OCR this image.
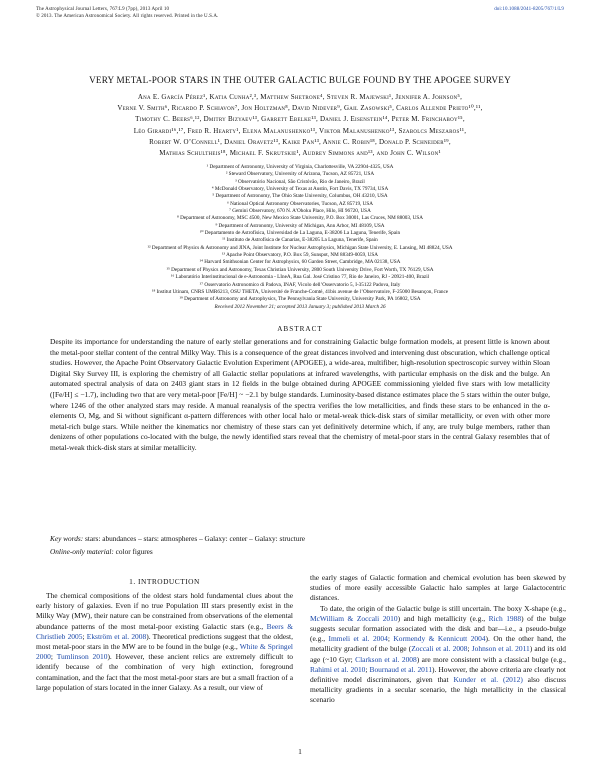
The Astrophysical Journal Letters, 767:L9 (7pp), 2013 April 10
© 2013. The American Astronomical Society. All rights reserved. Printed in the U.S.A.
doi:10.1088/2041-8205/767/1/L9
VERY METAL-POOR STARS IN THE OUTER GALACTIC BULGE FOUND BY THE APOGEE SURVEY
Ana E. García Pérez¹, Katia Cunha²,³, Matthew Shetrone⁴, Steven R. Majewski¹, Jennifer A. Johnson⁵,
Verne V. Smith⁶, Ricardo P. Schiavon⁷, Jon Holtzman⁸, David Nidever⁹, Gail Zasowski⁵, Carlos Allende Prieto¹⁰,¹¹,
Timothy C. Beers⁶,¹², Dmitry Bizyaev¹³, Garrett Ebelke¹³, Daniel J. Eisenstein¹⁴, Peter M. Frinchaboy¹⁵,
Léo Girardi¹⁶,¹⁷, Fred R. Hearty¹, Elena Malanushenko¹³, Viktor Malanushenko¹³, Szabolcs Meszaros¹¹,
Robert W. O’Connell¹, Daniel Oravetz¹³, Kaike Pan¹³, Annie C. Robin¹⁸, Donald P. Schneider¹⁹,
Mathias Schultheis¹⁸, Michael F. Skrutskie¹, Audrey Simmons and¹³, and John C. Wilson¹
¹ Department of Astronomy, University of Virginia, Charlottesville, VA 22904-4325, USA
² Steward Observatory, University of Arizona, Tucson, AZ 85721, USA
³ Observatório Nacional, São Cristóvão, Rio de Janeiro, Brazil
⁴ McDonald Observatory, University of Texas at Austin, Fort Davis, TX 79734, USA
⁵ Department of Astronomy, The Ohio State University, Columbus, OH 43210, USA
⁶ National Optical Astronomy Observatories, Tucson, AZ 85719, USA
⁷ Gemini Observatory, 670 N. A’Ohoku Place, Hilo, HI 96720, USA
⁸ Department of Astronomy, MSC 4500, New Mexico State University, P.O. Box 30001, Las Cruces, NM 88003, USA
⁹ Department of Astronomy, University of Michigan, Ann Arbor, MI 48109, USA
¹⁰ Departamento de Astrofísica, Universidad de La Laguna, E-38206 La Laguna, Tenerife, Spain
¹¹ Instituto de Astrofísica de Canarias, E-38205 La Laguna, Tenerife, Spain
¹² Department of Physics & Astronomy and JINA, Joint Institute for Nuclear Astrophysics, Michigan State University, E. Lansing, MI 48824, USA
¹³ Apache Point Observatory, P.O. Box 59, Sunspot, NM 88349-0059, USA
¹⁴ Harvard Smithsonian Center for Astrophysics, 60 Garden Street, Cambridge, MA 02138, USA
¹⁵ Department of Physics and Astronomy, Texas Christian University, 2800 South University Drive, Fort Worth, TX 76129, USA
¹⁶ Laboratório Interinstitucional de e-Astronomia - LIneA, Rua Gal. José Cristino 77, Rio de Janeiro, RJ - 20921-400, Brazil
¹⁷ Osservatorio Astronomico di Padova, INAF, Vicolo dell’Osservatorio 5, I-35122 Padova, Italy
¹⁸ Institut Utinam, CNRS UMR6213, OSU THETA, Université de Franche-Comté, 41bis avenue de l’Observatoire, F-25000 Besançon, France
¹⁹ Department of Astronomy and Astrophysics, The Pennsylvania State University, University Park, PA 16802, USA
Received 2012 November 21; accepted 2013 January 3; published 2013 March 26
ABSTRACT
Despite its importance for understanding the nature of early stellar generations and for constraining Galactic bulge formation models, at present little is known about the metal-poor stellar content of the central Milky Way. This is a consequence of the great distances involved and intervening dust obscuration, which challenge optical studies. However, the Apache Point Observatory Galactic Evolution Experiment (APOGEE), a wide-area, multifiber, high-resolution spectroscopic survey within Sloan Digital Sky Survey III, is exploring the chemistry of all Galactic stellar populations at infrared wavelengths, with particular emphasis on the disk and the bulge. An automated spectral analysis of data on 2403 giant stars in 12 fields in the bulge obtained during APOGEE commissioning yielded five stars with low metallicity ([Fe/H] ≤ −1.7), including two that are very metal-poor [Fe/H] ~ −2.1 by bulge standards. Luminosity-based distance estimates place the 5 stars within the outer bulge, where 1246 of the other analyzed stars may reside. A manual reanalysis of the spectra verifies the low metallicities, and finds these stars to be enhanced in the α-elements O, Mg, and Si without significant α-pattern differences with other local halo or metal-weak thick-disk stars of similar metallicity, or even with other more metal-rich bulge stars. While neither the kinematics nor chemistry of these stars can yet definitively determine which, if any, are truly bulge members, rather than denizens of other populations co-located with the bulge, the newly identified stars reveal that the chemistry of metal-poor stars in the central Galaxy resembles that of metal-weak thick-disk stars at similar metallicity.
Key words: stars: abundances – stars: atmospheres – Galaxy: center – Galaxy: structure
Online-only material: color figures
1. INTRODUCTION
The chemical compositions of the oldest stars hold fundamental clues about the early history of galaxies. Even if no true Population III stars presently exist in the Milky Way (MW), their nature can be constrained from observations of the elemental abundance patterns of the most metal-poor existing Galactic stars (e.g., Beers & Christlieb 2005; Ekström et al. 2008). Theoretical predictions suggest that the oldest, most metal-poor stars in the MW are to be found in the bulge (e.g., White & Springel 2000; Tumlinson 2010). However, these ancient relics are extremely difficult to identify because of the combination of very high extinction, foreground contamination, and the fact that the most metal-poor stars are but a small fraction of a large population of stars located in the inner Galaxy. As a result, our view of

the early stages of Galactic formation and chemical evolution has been skewed by studies of more easily accessible Galactic halo samples at large Galactocentric distances.

To date, the origin of the Galactic bulge is still uncertain. The boxy X-shape (e.g., McWilliam & Zoccali 2010) and high metallicity (e.g., Rich 1988) of the bulge suggests secular formation associated with the disk and bar—i.e., a pseudo-bulge (e.g., Immeli et al. 2004; Kormendy & Kennicutt 2004). On the other hand, the metallicity gradient of the bulge (Zoccali et al. 2008; Johnson et al. 2011) and its old age (~10 Gyr; Clarkson et al. 2008) are more consistent with a classical bulge (e.g., Rahimi et al. 2010; Bournaud et al. 2011). However, the above criteria are clearly not definitive model discriminators, given that Kunder et al. (2012) also discuss metallicity gradients in a secular scenario, the high metallicity in the classical scenario

1
